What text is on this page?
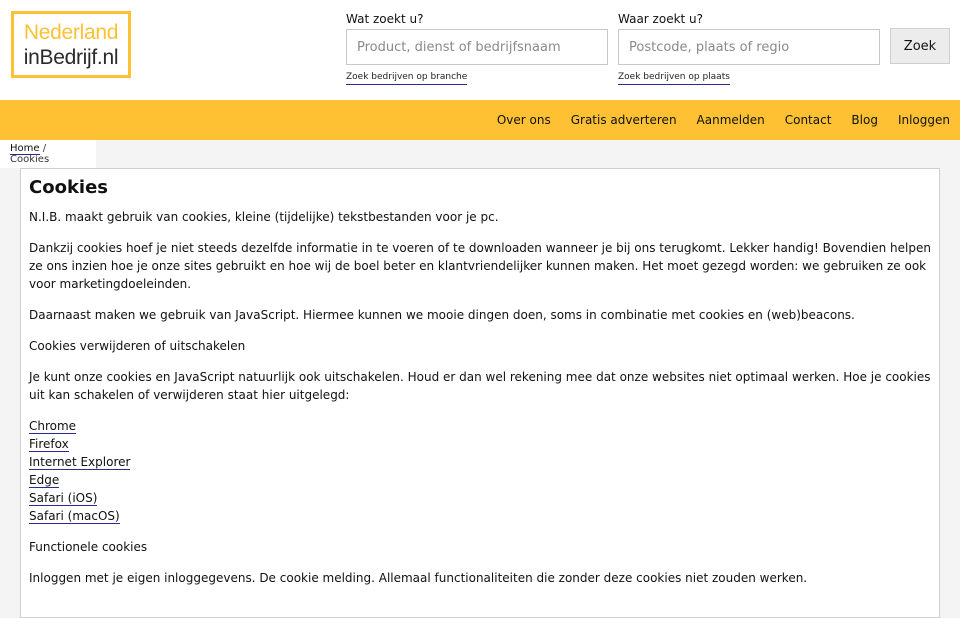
Nederland
inBedrijf.nl
Wat zoekt u?
Product, dienst of bedrijfsnaam Zoek bedrijven op branche
Waar zoekt u?
Postcode, plaats of regio Zoek bedrijven op plaats
Zoek
Over ons Gratis adverteren Aanmelden Contact Blog Inloggen
Home / Cookies
Cookies

N.I.B. maakt gebruik van cookies, kleine (tijdelijke) tekstbestanden voor je pc.

Dankzij cookies hoef je niet steeds dezelfde informatie in te voeren of te downloaden wanneer je bij ons terugkomt. Lekker handig! Bovendien helpen ze ons inzien hoe je onze sites gebruikt en hoe wij de boel beter en klantvriendelijker kunnen maken. Het moet gezegd worden: we gebruiken ze ook voor marketingdoeleinden.

Daarnaast maken we gebruik van JavaScript. Hiermee kunnen we mooie dingen doen, soms in combinatie met cookies en (web)beacons.

Cookies verwijderen of uitschakelen

Je kunt onze cookies en JavaScript natuurlijk ook uitschakelen. Houd er dan wel rekening mee dat onze websites niet optimaal werken. Hoe je cookies uit kan schakelen of verwijderen staat hier uitgelegd:

Chrome
Firefox
Internet Explorer
Edge
Safari (iOS)
Safari (macOS)

Functionele cookies

Inloggen met je eigen inloggegevens. De cookie melding. Allemaal functionaliteiten die zonder deze cookies niet zouden werken.
